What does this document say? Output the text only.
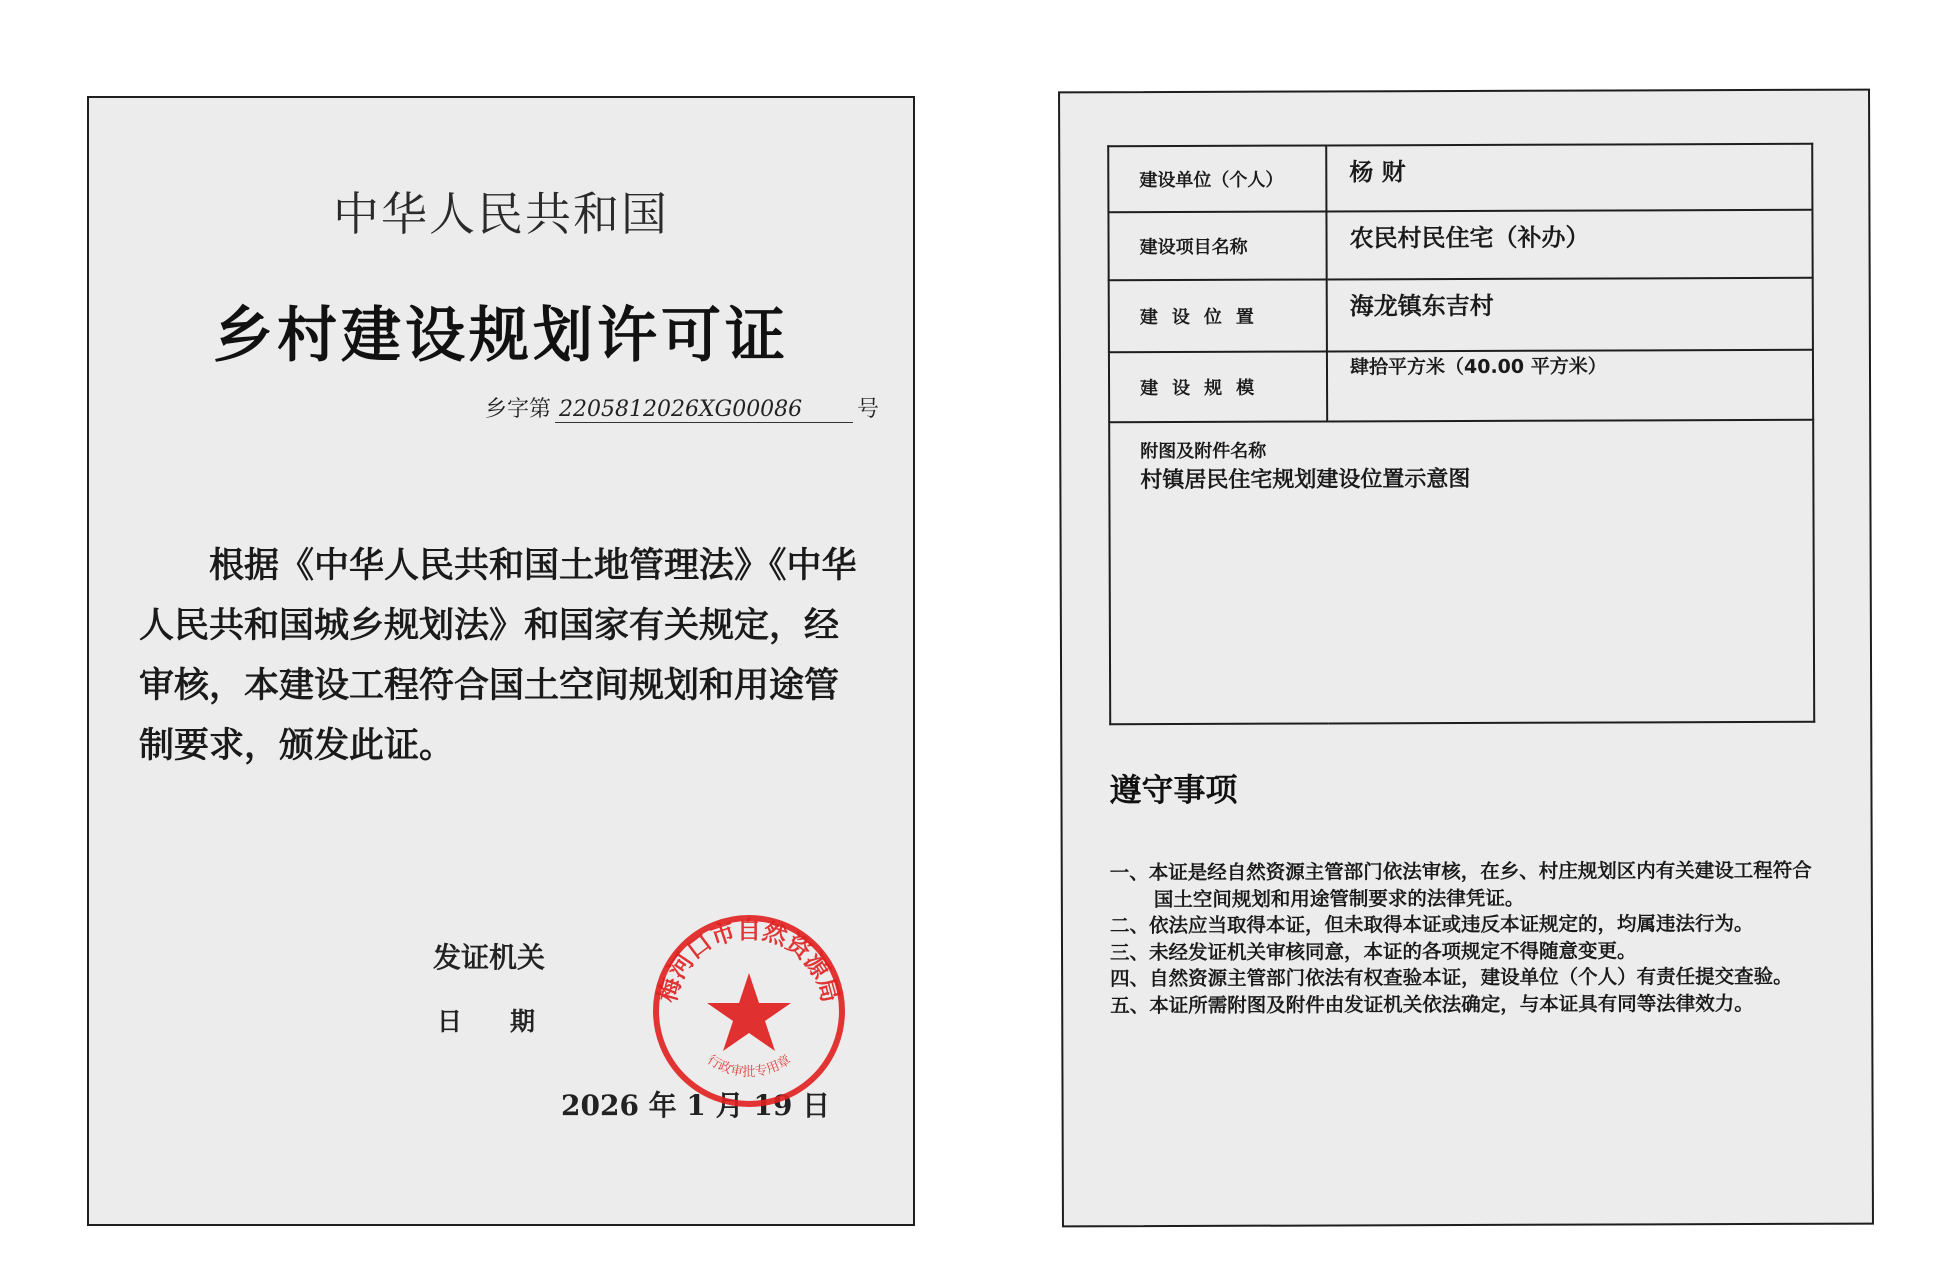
中华人民共和国
乡村建设规划许可证
乡字第 2205812026XG00086 号
根据《中华人民共和国土地管理法》《中华人民共和国城乡规划法》和国家有关规定，经审核，本建设工程符合国土空间规划和用途管制要求，颁发此证。
发证机关
日期
2026 年 1 月 19 日
梅河口市自然资源局
行政审批专用章
建设单位（个人）	杨 财
建设项目名称	农民村民住宅（补办）
建设位置	海龙镇东吉村
建设规模	肆拾平方米（40.00 平方米）

附图及附件名称
村镇居民住宅规划建设位置示意图	
遵守事项
一、本证是经自然资源主管部门依法审核，在乡、村庄规划区内有关建设工程符合国土空间规划和用途管制要求的法律凭证。
二、依法应当取得本证，但未取得本证或违反本证规定的，均属违法行为。
三、未经发证机关审核同意，本证的各项规定不得随意变更。
四、自然资源主管部门依法有权查验本证，建设单位（个人）有责任提交查验。
五、本证所需附图及附件由发证机关依法确定，与本证具有同等法律效力。
